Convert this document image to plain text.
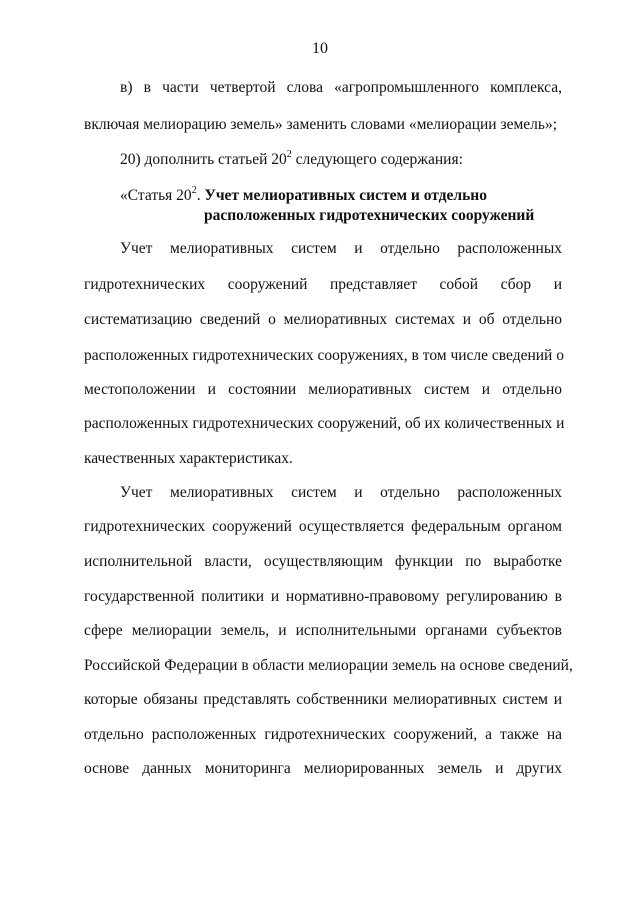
10
в) в части четвертой слова «агропромышленного комплекса,
включая мелиорацию земель» заменить словами «мелиорации земель»;
20) дополнить статьей $20^2$ следующего содержания:
«Статья $20^2$. Учет мелиоративных систем и отдельно
расположенных гидротехнических сооружений
Учет мелиоративных систем и отдельно расположенных
гидротехнических сооружений представляет собой сбор и
систематизацию сведений о мелиоративных системах и об отдельно
расположенных гидротехнических сооружениях, в том числе сведений о
местоположении и состоянии мелиоративных систем и отдельно
расположенных гидротехнических сооружений, об их количественных и
качественных характеристиках.
Учет мелиоративных систем и отдельно расположенных
гидротехнических сооружений осуществляется федеральным органом
исполнительной власти, осуществляющим функции по выработке
государственной политики и нормативно-правовому регулированию в
сфере мелиорации земель, и исполнительными органами субъектов
Российской Федерации в области мелиорации земель на основе сведений,
которые обязаны представлять собственники мелиоративных систем и
отдельно расположенных гидротехнических сооружений, а также на
основе данных мониторинга мелиорированных земель и других
